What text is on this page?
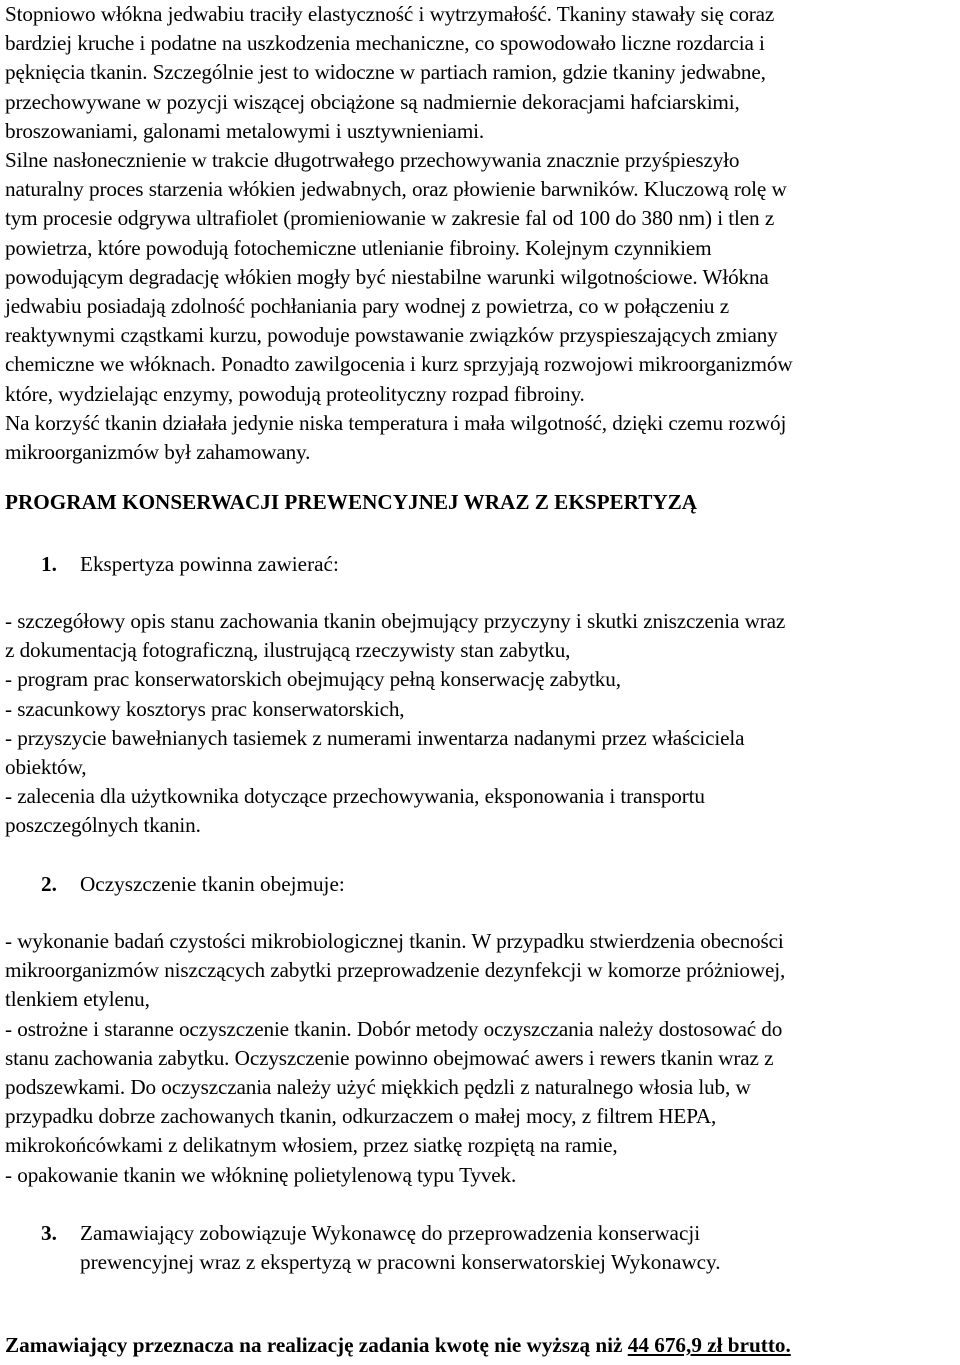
Stopniowo włókna jedwabiu traciły elastyczność i wytrzymałość. Tkaniny stawały się coraz
bardziej kruche i podatne na uszkodzenia mechaniczne, co spowodowało liczne rozdarcia i
pęknięcia tkanin. Szczególnie jest to widoczne w partiach ramion, gdzie tkaniny jedwabne,
przechowywane w pozycji wiszącej obciążone są nadmiernie dekoracjami hafciarskimi,
broszowaniami, galonami metalowymi i usztywnieniami.
Silne nasłonecznienie w trakcie długotrwałego przechowywania znacznie przyśpieszyło
naturalny proces starzenia włókien jedwabnych, oraz płowienie barwników. Kluczową rolę w
tym procesie odgrywa ultrafiolet (promieniowanie w zakresie fal od 100 do 380 nm) i tlen z
powietrza, które powodują fotochemiczne utlenianie fibroiny. Kolejnym czynnikiem
powodującym degradację włókien mogły być niestabilne warunki wilgotnościowe. Włókna
jedwabiu posiadają zdolność pochłaniania pary wodnej z powietrza, co w połączeniu z
reaktywnymi cząstkami kurzu, powoduje powstawanie związków przyspieszających zmiany
chemiczne we włóknach. Ponadto zawilgocenia i kurz sprzyjają rozwojowi mikroorganizmów
które, wydzielając enzymy, powodują proteolityczny rozpad fibroiny.
Na korzyść tkanin działała jedynie niska temperatura i mała wilgotność, dzięki czemu rozwój
mikroorganizmów był zahamowany.
PROGRAM KONSERWACJI PREWENCYJNEJ WRAZ Z EKSPERTYZĄ
1. Ekspertyza powinna zawierać:
- szczegółowy opis stanu zachowania tkanin obejmujący przyczyny i skutki zniszczenia wraz
z dokumentacją fotograficzną, ilustrującą rzeczywisty stan zabytku,
- program prac konserwatorskich obejmujący pełną konserwację zabytku,
- szacunkowy kosztorys prac konserwatorskich,
- przyszycie bawełnianych tasiemek z numerami inwentarza nadanymi przez właściciela
obiektów,
- zalecenia dla użytkownika dotyczące przechowywania, eksponowania i transportu
poszczególnych tkanin.
2. Oczyszczenie tkanin obejmuje:
- wykonanie badań czystości mikrobiologicznej tkanin. W przypadku stwierdzenia obecności
mikroorganizmów niszczących zabytki przeprowadzenie dezynfekcji w komorze próżniowej,
tlenkiem etylenu,
- ostrożne i staranne oczyszczenie tkanin. Dobór metody oczyszczania należy dostosować do
stanu zachowania zabytku. Oczyszczenie powinno obejmować awers i rewers tkanin wraz z
podszewkami. Do oczyszczania należy użyć miękkich pędzli z naturalnego włosia lub, w
przypadku dobrze zachowanych tkanin, odkurzaczem o małej mocy, z filtrem HEPA,
mikrokońcówkami z delikatnym włosiem, przez siatkę rozpiętą na ramie,
- opakowanie tkanin we włókninę polietylenową typu Tyvek.
3. Zamawiający zobowiązuje Wykonawcę do przeprowadzenia konserwacji
prewencyjnej wraz z ekspertyzą w pracowni konserwatorskiej Wykonawcy.
Zamawiający przeznacza na realizację zadania kwotę nie wyższą niż 44 676,9 zł brutto.
